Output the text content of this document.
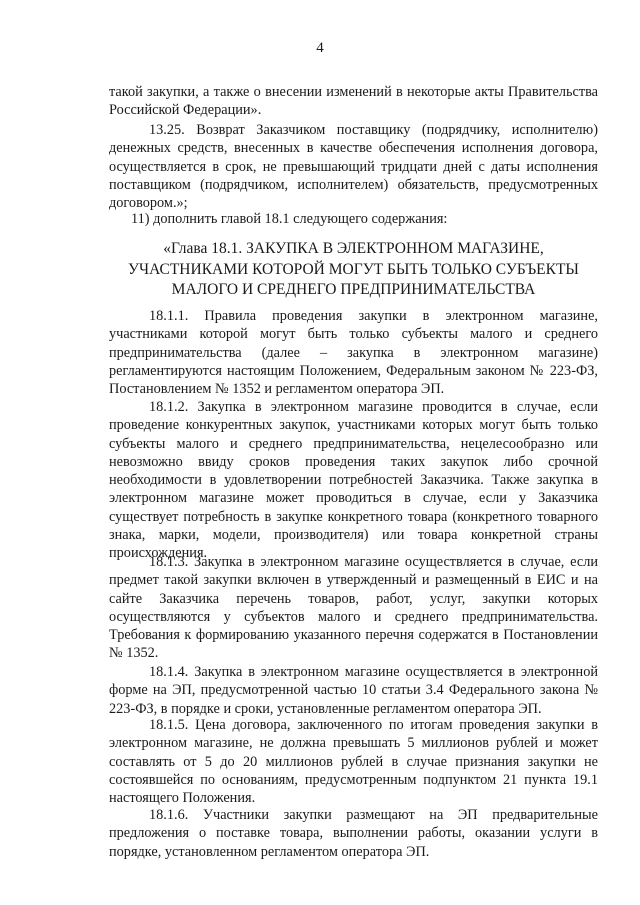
4

такой закупки, а также о внесении изменений в некоторые акты Правительства Российской Федерации».

13.25. Возврат Заказчиком поставщику (подрядчику, исполнителю) денежных средств, внесенных в качестве обеспечения исполнения договора, осуществляется в срок, не превышающий тридцати дней с даты исполнения поставщиком (подрядчиком, исполнителем) обязательств, предусмотренных договором.»;

11) дополнить главой 18.1 следующего содержания:

«Глава 18.1. ЗАКУПКА В ЭЛЕКТРОННОМ МАГАЗИНЕ,
УЧАСТНИКАМИ КОТОРОЙ МОГУТ БЫТЬ ТОЛЬКО СУБЪЕКТЫ
МАЛОГО И СРЕДНЕГО ПРЕДПРИНИМАТЕЛЬСТВА

18.1.1. Правила проведения закупки в электронном магазине, участниками которой могут быть только субъекты малого и среднего предпринимательства (далее – закупка в электронном магазине) регламентируются настоящим Положением, Федеральным законом № 223-ФЗ, Постановлением № 1352 и регламентом оператора ЭП.

18.1.2. Закупка в электронном магазине проводится в случае, если проведение конкурентных закупок, участниками которых могут быть только субъекты малого и среднего предпринимательства, нецелесообразно или невозможно ввиду сроков проведения таких закупок либо срочной необходимости в удовлетворении потребностей Заказчика. Также закупка в электронном магазине может проводиться в случае, если у Заказчика существует потребность в закупке конкретного товара (конкретного товарного знака, марки, модели, производителя) или товара конкретной страны происхождения.

18.1.3. Закупка в электронном магазине осуществляется в случае, если предмет такой закупки включен в утвержденный и размещенный в ЕИС и на сайте Заказчика перечень товаров, работ, услуг, закупки которых осуществляются у субъектов малого и среднего предпринимательства. Требования к формированию указанного перечня содержатся в Постановлении № 1352.

18.1.4. Закупка в электронном магазине осуществляется в электронной форме на ЭП, предусмотренной частью 10 статьи 3.4 Федерального закона № 223-ФЗ, в порядке и сроки, установленные регламентом оператора ЭП.

18.1.5. Цена договора, заключенного по итогам проведения закупки в электронном магазине, не должна превышать 5 миллионов рублей и может составлять от 5 до 20 миллионов рублей в случае признания закупки не состоявшейся по основаниям, предусмотренным подпунктом 21 пункта 19.1 настоящего Положения.

18.1.6. Участники закупки размещают на ЭП предварительные предложения о поставке товара, выполнении работы, оказании услуги в порядке, установленном регламентом оператора ЭП.
